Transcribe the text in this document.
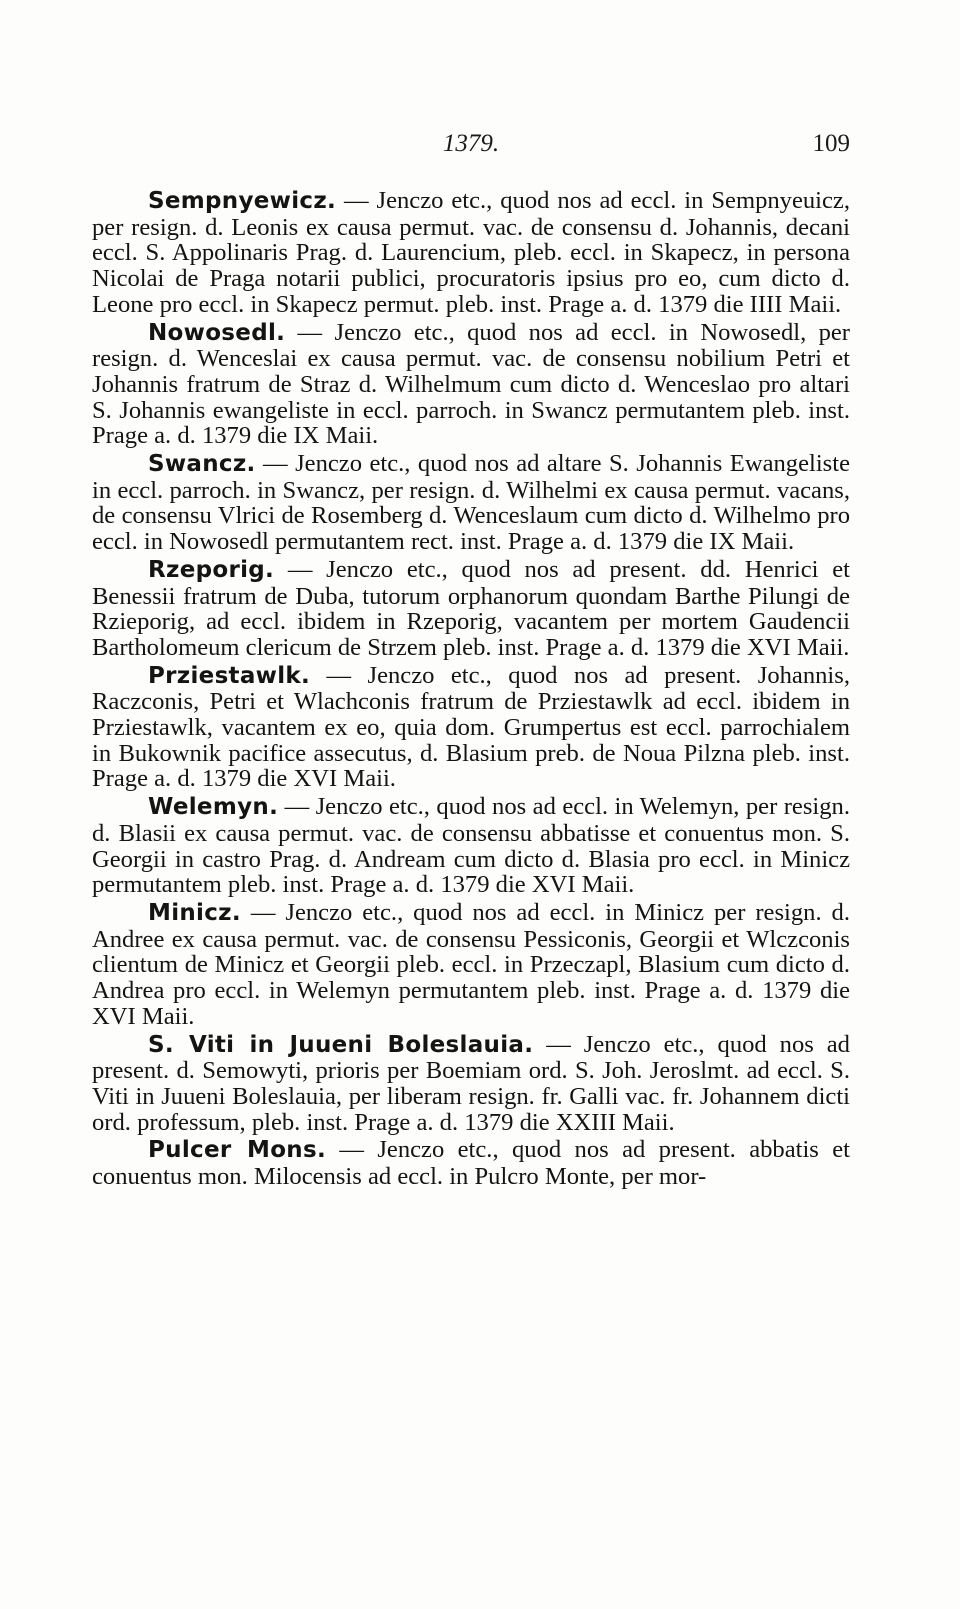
1379.	109

Sempnyewicz. — Jenczo etc., quod nos ad eccl. in Sempnyeuicz, per resign. d. Leonis ex causa permut. vac. de consensu d. Johannis, decani eccl. S. Appolinaris Prag. d. Laurencium, pleb. eccl. in Skapecz, in persona Nicolai de Praga notarii publici, procuratoris ipsius pro eo, cum dicto d. Leone pro eccl. in Skapecz permut. pleb. inst. Prage a. d. 1379 die IIII Maii.

Nowosedl. — Jenczo etc., quod nos ad eccl. in Nowosedl, per resign. d. Wenceslai ex causa permut. vac. de consensu nobilium Petri et Johannis fratrum de Straz d. Wilhelmum cum dicto d. Wenceslao pro altari S. Johannis ewangeliste in eccl. parroch. in Swancz permutantem pleb. inst. Prage a. d. 1379 die IX Maii.

Swancz. — Jenczo etc., quod nos ad altare S. Johannis Ewangeliste in eccl. parroch. in Swancz, per resign. d. Wilhelmi ex causa permut. vacans, de consensu Vlrici de Rosemberg d. Wenceslaum cum dicto d. Wilhelmo pro eccl. in Nowosedl permutantem rect. inst. Prage a. d. 1379 die IX Maii.

Rzeporig. — Jenczo etc., quod nos ad present. dd. Henrici et Benessii fratrum de Duba, tutorum orphanorum quondam Barthe Pilungi de Rzieporig, ad eccl. ibidem in Rzeporig, vacantem per mortem Gaudencii Bartholomeum clericum de Strzem pleb. inst. Prage a. d. 1379 die XVI Maii.

Prziestawlk. — Jenczo etc., quod nos ad present. Johannis, Raczconis, Petri et Wlachconis fratrum de Prziestawlk ad eccl. ibidem in Prziestawlk, vacantem ex eo, quia dom. Grumpertus est eccl. parrochialem in Bukownik pacifice assecutus, d. Blasium preb. de Noua Pilzna pleb. inst. Prage a. d. 1379 die XVI Maii.

Welemyn. — Jenczo etc., quod nos ad eccl. in Welemyn, per resign. d. Blasii ex causa permut. vac. de consensu abbatisse et conuentus mon. S. Georgii in castro Prag. d. Andream cum dicto d. Blasia pro eccl. in Minicz permutantem pleb. inst. Prage a. d. 1379 die XVI Maii.

Minicz. — Jenczo etc., quod nos ad eccl. in Minicz per resign. d. Andree ex causa permut. vac. de consensu Pessiconis, Georgii et Wlczconis clientum de Minicz et Georgii pleb. eccl. in Przeczapl, Blasium cum dicto d. Andrea pro eccl. in Welemyn permutantem pleb. inst. Prage a. d. 1379 die XVI Maii.

S. Viti in Juueni Boleslauia. — Jenczo etc., quod nos ad present. d. Semowyti, prioris per Boemiam ord. S. Joh. Jeroslmt. ad eccl. S. Viti in Juueni Boleslauia, per liberam resign. fr. Galli vac. fr. Johannem dicti ord. professum, pleb. inst. Prage a. d. 1379 die XXIII Maii.

Pulcer Mons. — Jenczo etc., quod nos ad present. abbatis et conuentus mon. Milocensis ad eccl. in Pulcro Monte, per mor-
